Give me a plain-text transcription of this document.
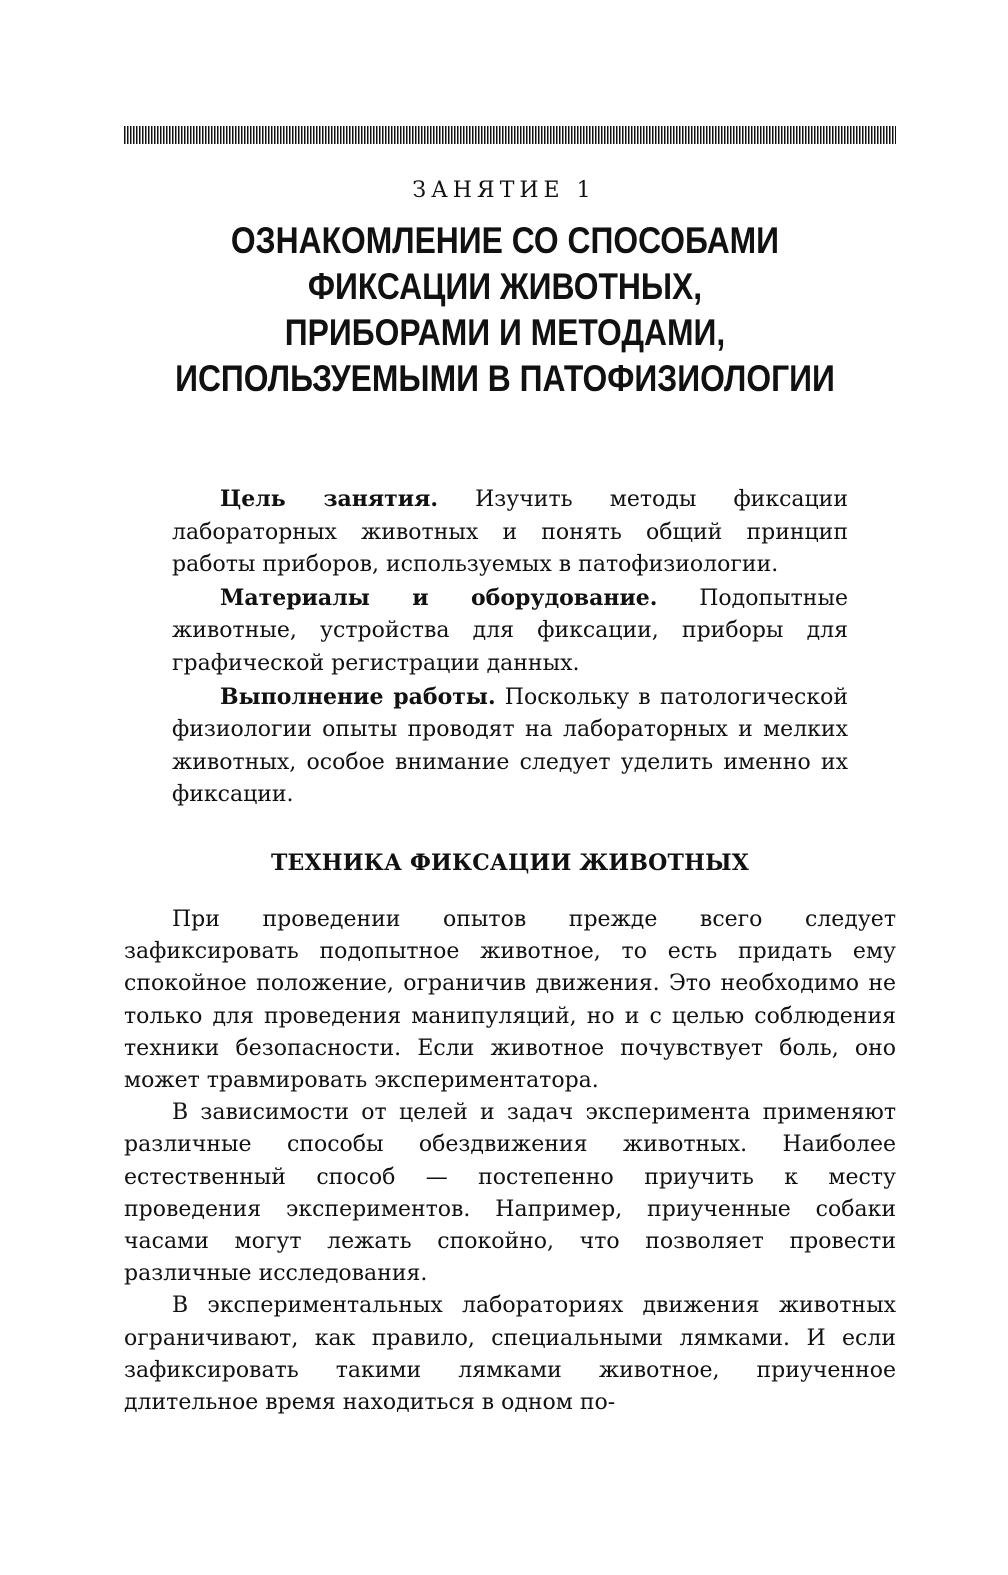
ЗАНЯТИЕ 1
ОЗНАКОМЛЕНИЕ СО СПОСОБАМИ
ФИКСАЦИИ ЖИВОТНЫХ,
ПРИБОРАМИ И МЕТОДАМИ,
ИСПОЛЬЗУЕМЫМИ В ПАТОФИЗИОЛОГИИ

Цель занятия. Изучить методы фиксации лабораторных животных и понять общий принцип работы приборов, используемых в патофизиологии.

Материалы и оборудование. Подопытные животные, устройства для фиксации, приборы для графической регистрации данных.

Выполнение работы. Поскольку в патологической физиологии опыты проводят на лабораторных и мелких животных, особое внимание следует уделить именно их фиксации.

ТЕХНИКА ФИКСАЦИИ ЖИВОТНЫХ

При проведении опытов прежде всего следует зафиксировать подопытное животное, то есть придать ему спокойное положение, ограничив движения. Это необходимо не только для проведения манипуляций, но и с целью соблюдения техники безопасности. Если животное почувствует боль, оно может травмировать экспериментатора.

В зависимости от целей и задач эксперимента применяют различные способы обездвижения животных. Наиболее естественный способ — постепенно приучить к месту проведения экспериментов. Например, приученные собаки часами могут лежать спокойно, что позволяет провести различные исследования.

В экспериментальных лабораториях движения животных ограничивают, как правило, специальными лямками. И если зафиксировать такими лямками животное, приученное длительное время находиться в одном по-
